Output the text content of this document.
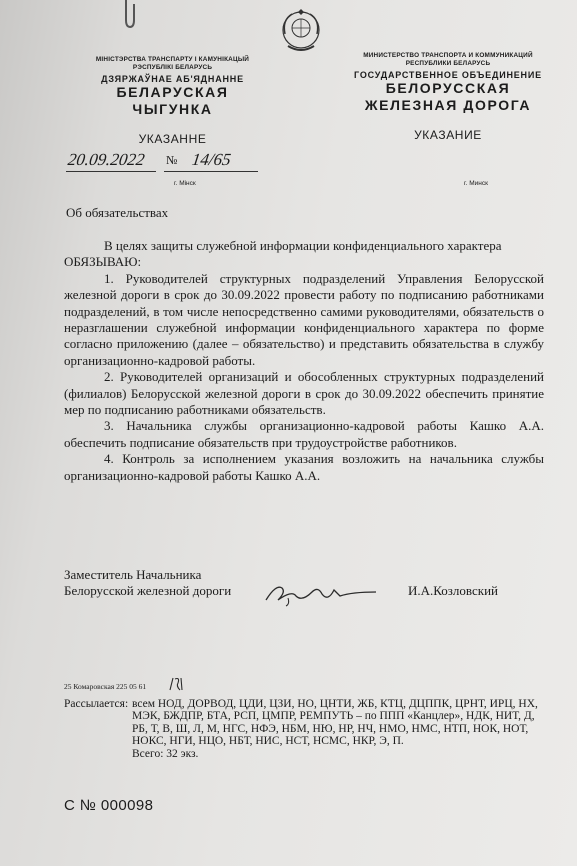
МІНІСТЭРСТВА ТРАНСПАРТУ І КАМУНІКАЦЫЙ
РЭСПУБЛІКІ БЕЛАРУСЬ
ДЗЯРЖАЎНАЕ АБ'ЯДНАННЕ
БЕЛАРУСКАЯ
ЧЫГУНКА
УКАЗАННЕ
МИНИСТЕРСТВО ТРАНСПОРТА И КОММУНИКАЦИЙ
РЕСПУБЛИКИ БЕЛАРУСЬ
ГОСУДАРСТВЕННОЕ ОБЪЕДИНЕНИЕ
БЕЛОРУССКАЯ
ЖЕЛЕЗНАЯ ДОРОГА
УКАЗАНИЕ
20.09.2022 № 14/65
г. Мінск	г. Минск
Об обязательствах

В целях защиты служебной информации конфиденциального характера

ОБЯЗЫВАЮ:

1. Руководителей структурных подразделений Управления Белорусской железной дороги в срок до 30.09.2022 провести работу по подписанию работниками подразделений, в том числе непосредственно самими руководителями, обязательств о неразглашении служебной информации конфиденциального характера по форме согласно приложению (далее – обязательство) и представить обязательства в службу организационно-кадровой работы.

2. Руководителей организаций и обособленных структурных подразделений (филиалов) Белорусской железной дороги в срок до 30.09.2022 обеспечить принятие мер по подписанию работниками обязательств.

3. Начальника службы организационно-кадровой работы Кашко А.А. обеспечить подписание обязательств при трудоустройстве работников.

4. Контроль за исполнением указания возложить на начальника службы организационно-кадровой работы Кашко А.А.

Заместитель Начальника
Белорусской железной дороги	И.А.Козловский
25 Комаровская 225 05 61
Рассылается: всем НОД, ДОРВОД, ЦДИ, ЦЗИ, НО, ЦНТИ, ЖБ, КТЦ, ДЦППК, ЦРНТ, ИРЦ, НХ, МЭК, БЖДПР, БТА, РСП, ЦМПР, РЕМПУТЬ – по ППП «Канцлер», НДК, НИТ, Д, РБ, Т, В, Ш, Л, М, НГС, НФЭ, НБМ, НЮ, НР, НЧ, НМО, НМС, НТП, НОК, НОТ, НОКС, НГИ, НЦО, НБТ, НИС, НСТ, НСМС, НКР, Э, П.
Всего: 32 экз.
С № 000098
